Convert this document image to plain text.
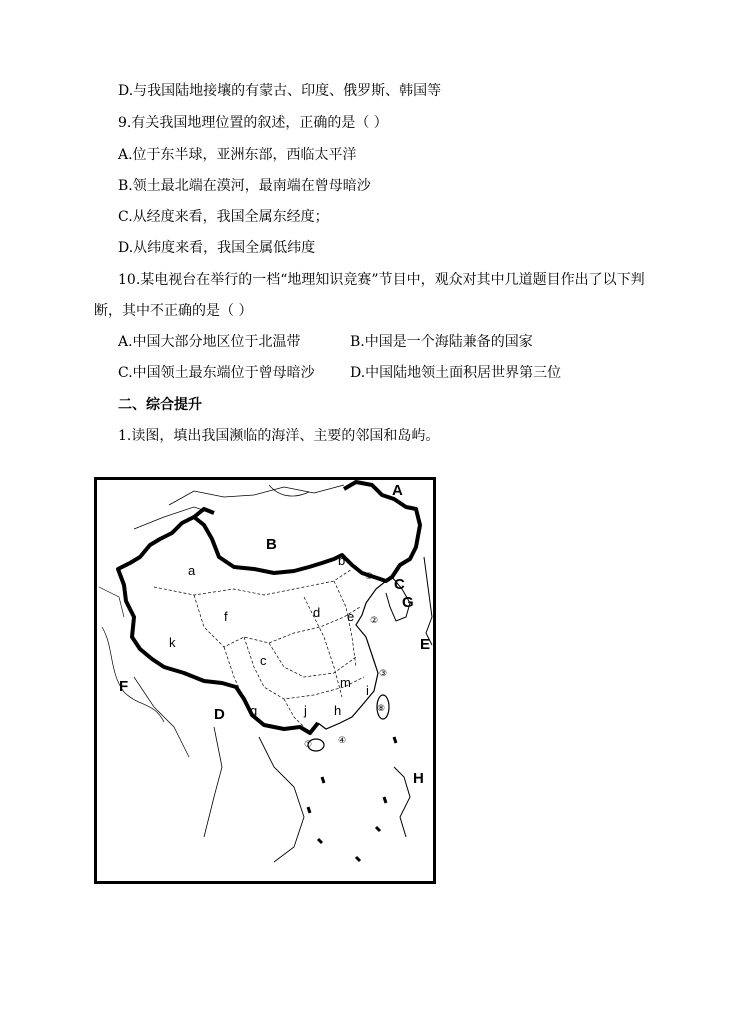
D.与我国陆地接壤的有蒙古、印度、俄罗斯、韩国等
9.有关我国地理位置的叙述，正确的是（ ）
A.位于东半球，亚洲东部，西临太平洋
B.领土最北端在漠河，最南端在曾母暗沙
C.从经度来看，我国全属东经度；
D.从纬度来看，我国全属低纬度
10.某电视台在举行的一档“地理知识竞赛”节目中，观众对其中几道题目作出了以下判
断，其中不正确的是（ ）
A.中国大部分地区位于北温带	B.中国是一个海陆兼备的国家
C.中国领土最东端位于曾母暗沙	D.中国陆地领土面积居世界第三位
二、综合提升
1.读图，填出我国濒临的海洋、主要的邻国和岛屿。
A
B
C
D
E
F
G
H
a
b
c
d e
f
g	h
i
j
k
m
①
②
③
④
⑦
⑧
